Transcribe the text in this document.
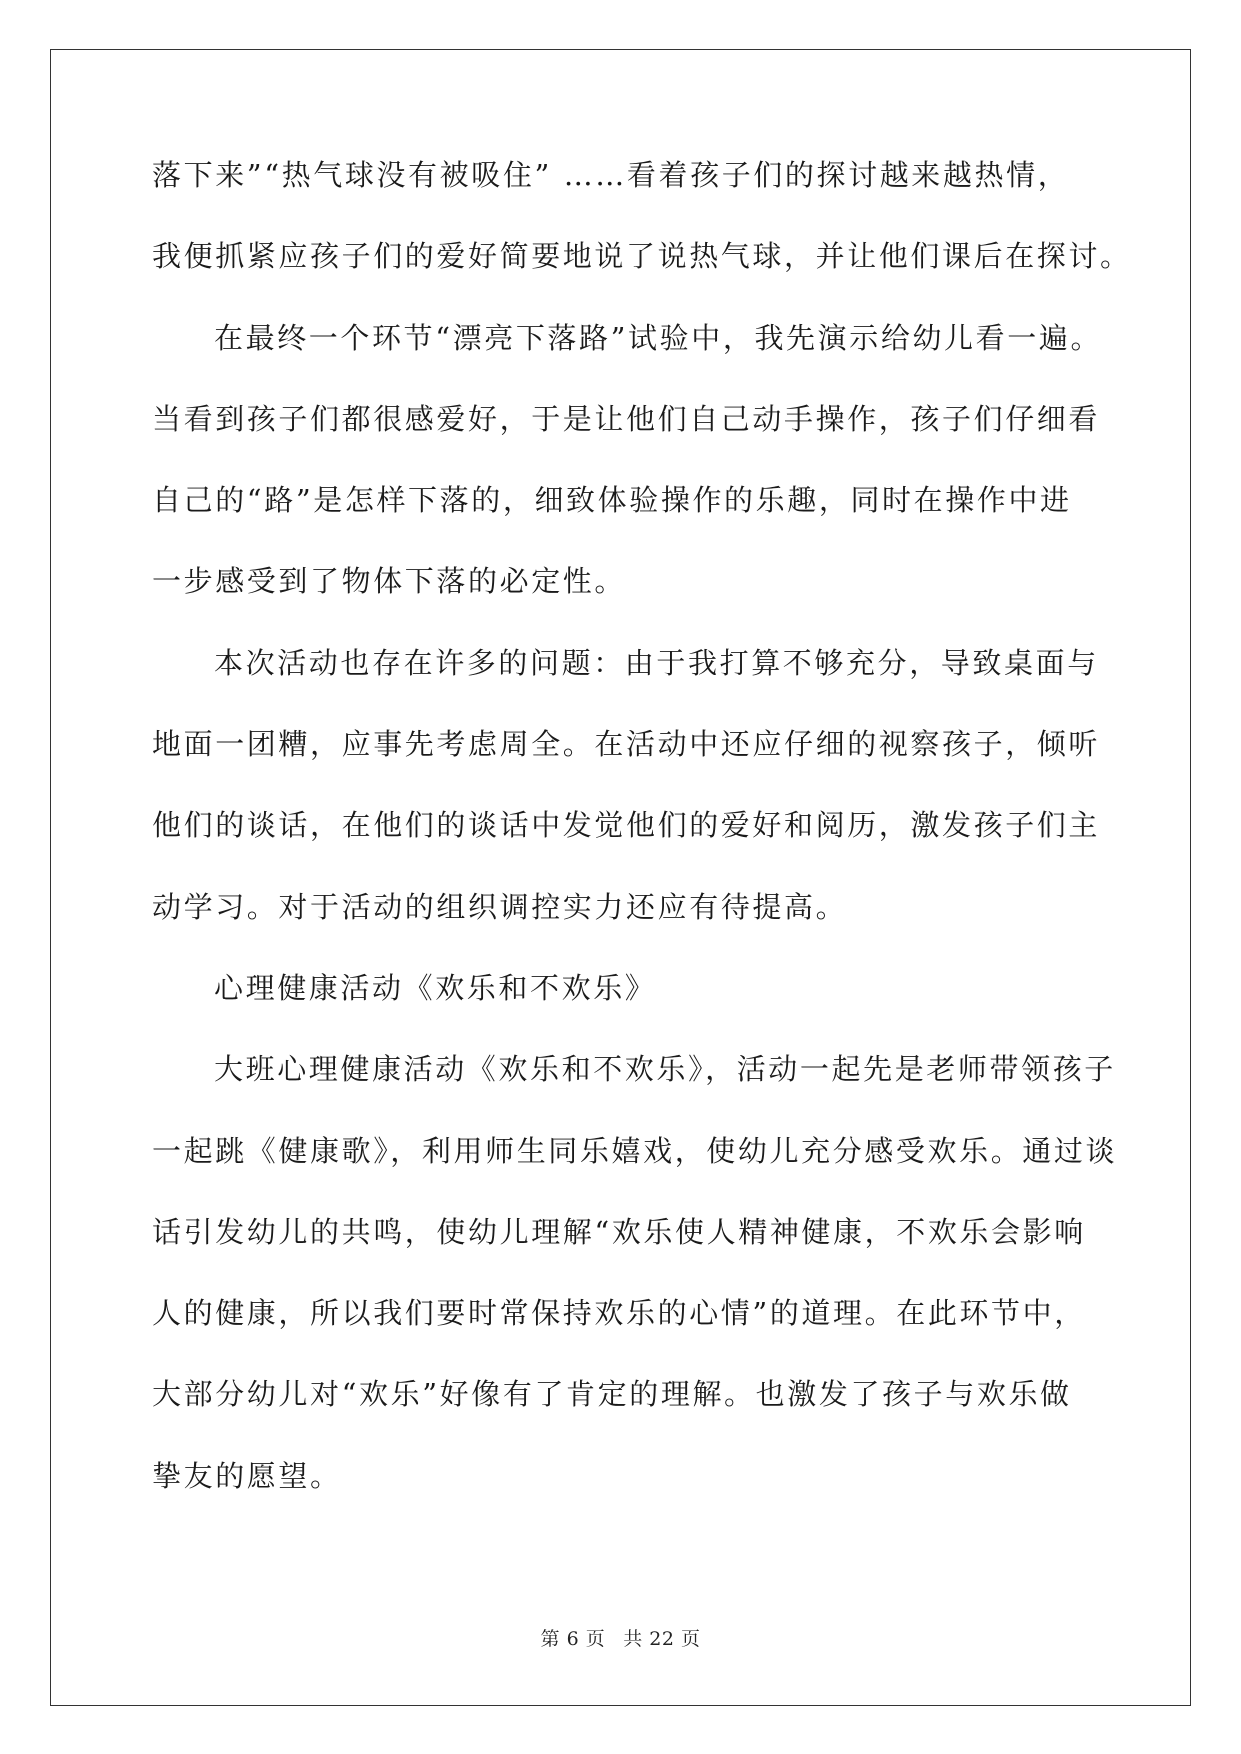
落下来”“热气球没有被吸住” ……看着孩子们的探讨越来越热情，
我便抓紧应孩子们的爱好简要地说了说热气球，并让他们课后在探讨。
在最终一个环节“漂亮下落路”试验中，我先演示给幼儿看一遍。
当看到孩子们都很感爱好，于是让他们自己动手操作，孩子们仔细看
自己的“路”是怎样下落的，细致体验操作的乐趣，同时在操作中进
一步感受到了物体下落的必定性。
本次活动也存在许多的问题：由于我打算不够充分，导致桌面与
地面一团糟，应事先考虑周全。在活动中还应仔细的视察孩子，倾听
他们的谈话，在他们的谈话中发觉他们的爱好和阅历，激发孩子们主
动学习。对于活动的组织调控实力还应有待提高。
心理健康活动《欢乐和不欢乐》
大班心理健康活动《欢乐和不欢乐》，活动一起先是老师带领孩子
一起跳《健康歌》，利用师生同乐嬉戏，使幼儿充分感受欢乐。通过谈
话引发幼儿的共鸣，使幼儿理解“欢乐使人精神健康，不欢乐会影响
人的健康，所以我们要时常保持欢乐的心情”的道理。在此环节中，
大部分幼儿对“欢乐”好像有了肯定的理解。也激发了孩子与欢乐做
挚友的愿望。
第 6 页 共 22 页
